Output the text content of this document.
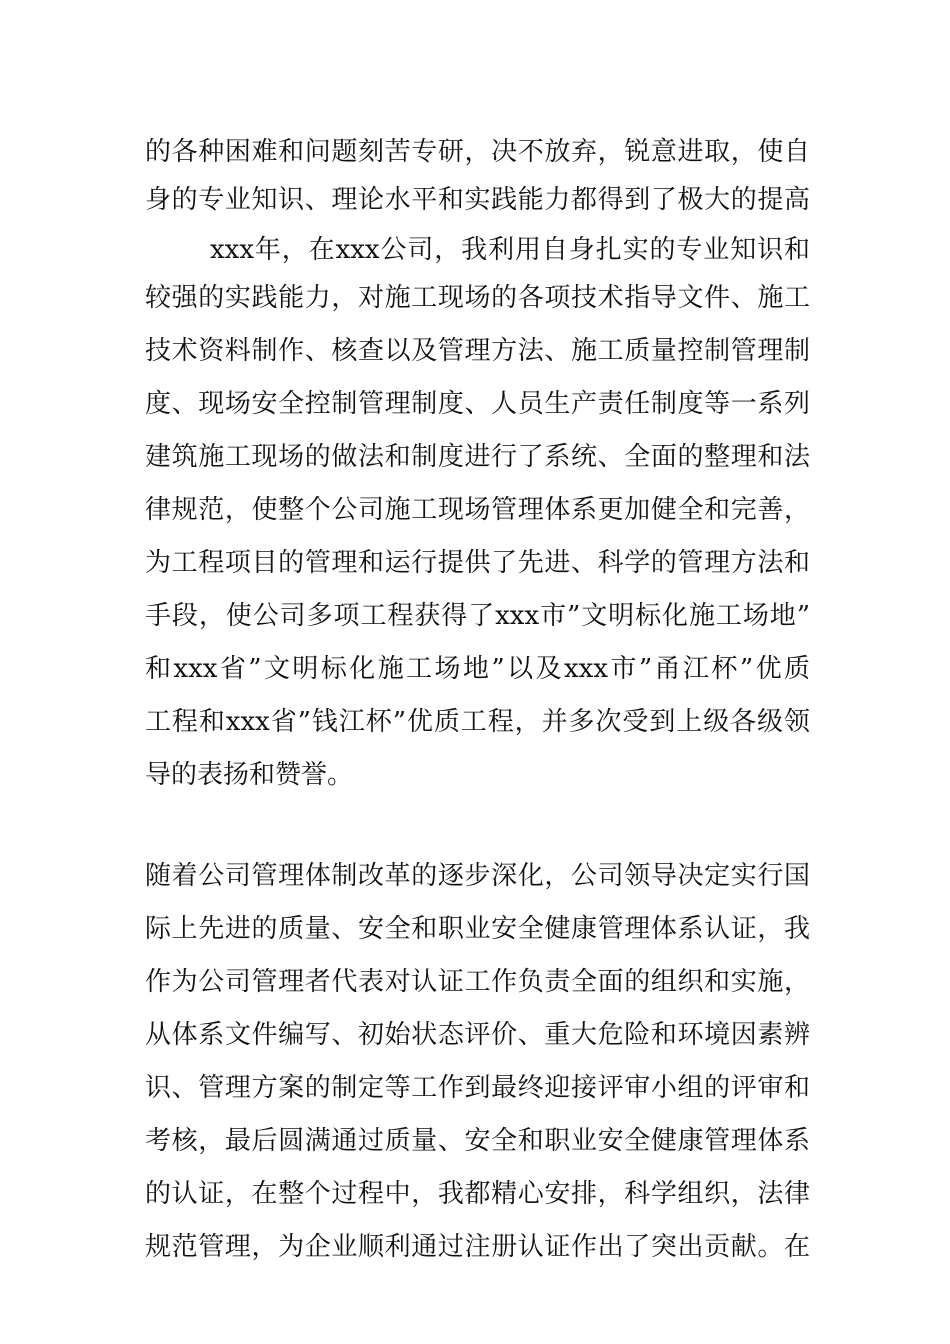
的各种困难和问题刻苦专研，决不放弃，锐意进取，使自
身的专业知识、理论水平和实践能力都得到了极大的提高
xxx年，在xxx公司，我利用自身扎实的专业知识和
较强的实践能力，对施工现场的各项技术指导文件、施工
技术资料制作、核查以及管理方法、施工质量控制管理制
度、现场安全控制管理制度、人员生产责任制度等一系列
建筑施工现场的做法和制度进行了系统、全面的整理和法
律规范，使整个公司施工现场管理体系更加健全和完善，
为工程项目的管理和运行提供了先进、科学的管理方法和
手段，使公司多项工程获得了xxx市”文明标化施工场地”
和xxx省”文明标化施工场地”以及xxx市”甬江杯”优质
工程和xxx省”钱江杯”优质工程，并多次受到上级各级领
导的表扬和赞誉。
随着公司管理体制改革的逐步深化，公司领导决定实行国
际上先进的质量、安全和职业安全健康管理体系认证，我
作为公司管理者代表对认证工作负责全面的组织和实施，
从体系文件编写、初始状态评价、重大危险和环境因素辨
识、管理方案的制定等工作到最终迎接评审小组的评审和
考核，最后圆满通过质量、安全和职业安全健康管理体系
的认证，在整个过程中，我都精心安排，科学组织，法律
规范管理，为企业顺利通过注册认证作出了突出贡献。在
